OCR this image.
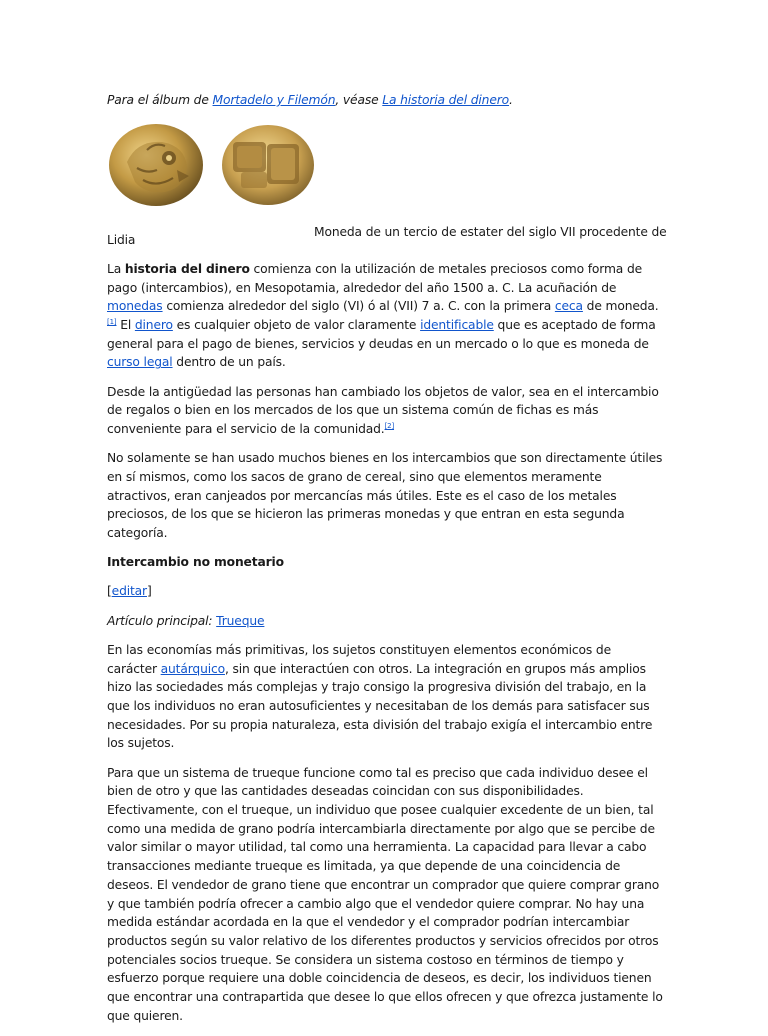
Para el álbum de Mortadelo y Filemón, véase La historia del dinero.

Moneda de un tercio de estater del siglo VII procedente de

Lidia

La historia del dinero comienza con la utilización de metales preciosos como forma de pago (intercambios), en Mesopotamia, alrededor del año 1500 a. C. La acuñación de monedas comienza alrededor del siglo (VI) ó al (VII) 7 a. C. con la primera ceca de moneda.[1] El dinero es cualquier objeto de valor claramente identificable que es aceptado de forma general para el pago de bienes, servicios y deudas en un mercado o lo que es moneda de curso legal dentro de un país.

Desde la antigüedad las personas han cambiado los objetos de valor, sea en el intercambio de regalos o bien en los mercados de los que un sistema común de fichas es más conveniente para el servicio de la comunidad.[2]

No solamente se han usado muchos bienes en los intercambios que son directamente útiles en sí mismos, como los sacos de grano de cereal, sino que elementos meramente atractivos, eran canjeados por mercancías más útiles. Este es el caso de los metales preciosos, de los que se hicieron las primeras monedas y que entran en esta segunda categoría.

Intercambio no monetario

[editar]

Artículo principal: Trueque

En las economías más primitivas, los sujetos constituyen elementos económicos de carácter autárquico, sin que interactúen con otros. La integración en grupos más amplios hizo las sociedades más complejas y trajo consigo la progresiva división del trabajo, en la que los individuos no eran autosuficientes y necesitaban de los demás para satisfacer sus necesidades. Por su propia naturaleza, esta división del trabajo exigía el intercambio entre los sujetos.

Para que un sistema de trueque funcione como tal es preciso que cada individuo desee el bien de otro y que las cantidades deseadas coincidan con sus disponibilidades. Efectivamente, con el trueque, un individuo que posee cualquier excedente de un bien, tal como una medida de grano podría intercambiarla directamente por algo que se percibe de valor similar o mayor utilidad, tal como una herramienta. La capacidad para llevar a cabo transacciones mediante trueque es limitada, ya que depende de una coincidencia de deseos. El vendedor de grano tiene que encontrar un comprador que quiere comprar grano y que también podría ofrecer a cambio algo que el vendedor quiere comprar. No hay una medida estándar acordada en la que el vendedor y el comprador podrían intercambiar productos según su valor relativo de los diferentes productos y servicios ofrecidos por otros potenciales socios trueque. Se considera un sistema costoso en términos de tiempo y esfuerzo porque requiere una doble coincidencia de deseos, es decir, los individuos tienen que encontrar una contrapartida que desee lo que ellos ofrecen y que ofrezca justamente lo que quieren.
